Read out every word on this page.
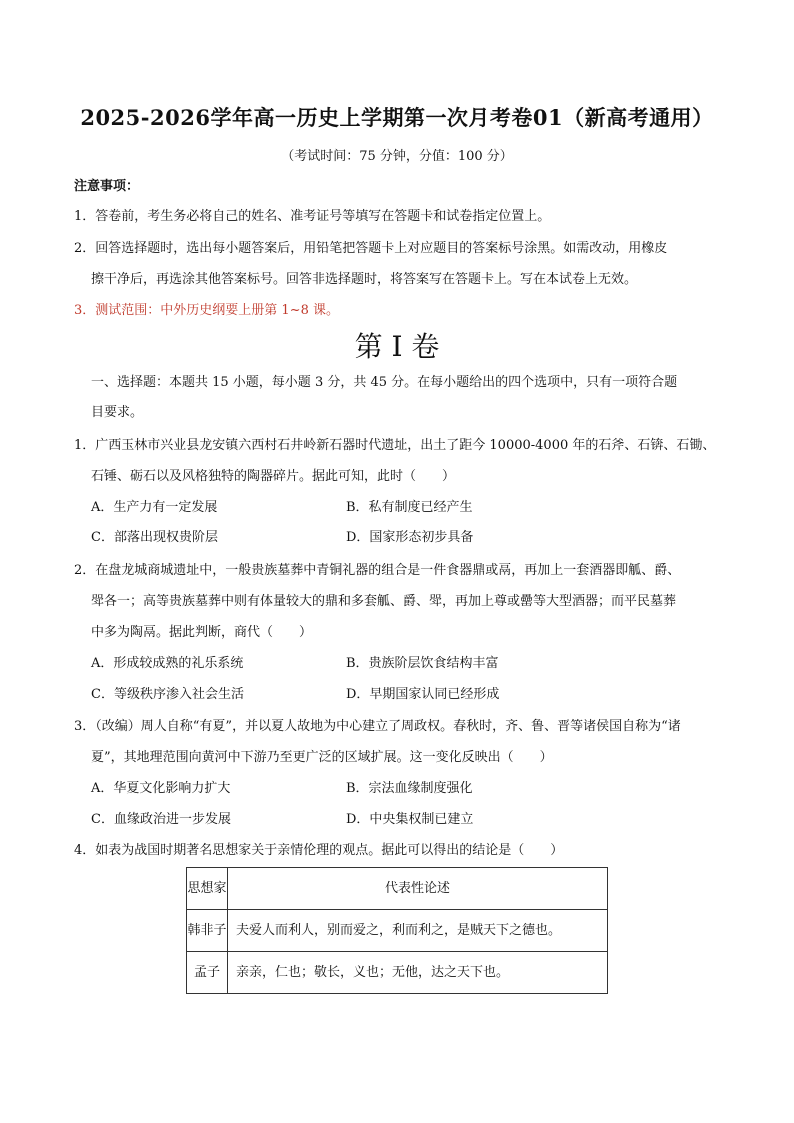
2025-2026学年高一历史上学期第一次月考卷01（新高考通用）
（考试时间：75 分钟，分值：100 分）
注意事项：
1．答卷前，考生务必将自己的姓名、准考证号等填写在答题卡和试卷指定位置上。
2．回答选择题时，选出每小题答案后，用铅笔把答题卡上对应题目的答案标号涂黑。如需改动，用橡皮
擦干净后，再选涂其他答案标号。回答非选择题时，将答案写在答题卡上。写在本试卷上无效。
3．测试范围：中外历史纲要上册第 1~8 课。
第 I 卷
一、选择题：本题共 15 小题，每小题 3 分，共 45 分。在每小题给出的四个选项中，只有一项符合题
目要求。
1．广西玉林市兴业县龙安镇六西村石井岭新石器时代遗址，出土了距今 10000-4000 年的石斧、石锛、石锄、
石锤、砺石以及风格独特的陶器碎片。据此可知，此时（　　）
A．生产力有一定发展	B．私有制度已经产生
C．部落出现权贵阶层	D．国家形态初步具备
2．在盘龙城商城遗址中，一般贵族墓葬中青铜礼器的组合是一件食器鼎或鬲，再加上一套酒器即觚、爵、
斝各一；高等贵族墓葬中则有体量较大的鼎和多套觚、爵、斝，再加上尊或罍等大型酒器；而平民墓葬
中多为陶鬲。据此判断，商代（　　）
A．形成较成熟的礼乐系统	B．贵族阶层饮食结构丰富
C．等级秩序渗入社会生活	D．早期国家认同已经形成
3．（改编）周人自称“有夏”，并以夏人故地为中心建立了周政权。春秋时，齐、鲁、晋等诸侯国自称为“诸
夏”，其地理范围向黄河中下游乃至更广泛的区域扩展。这一变化反映出（　　）
A．华夏文化影响力扩大	B．宗法血缘制度强化
C．血缘政治进一步发展	D．中央集权制已建立
4．如表为战国时期著名思想家关于亲情伦理的观点。据此可以得出的结论是（　　）
思想家	代表性论述
韩非子	夫爱人而利人，别而爱之，利而利之，是贼天下之德也。
孟子	亲亲，仁也；敬长，义也；无他，达之天下也。
